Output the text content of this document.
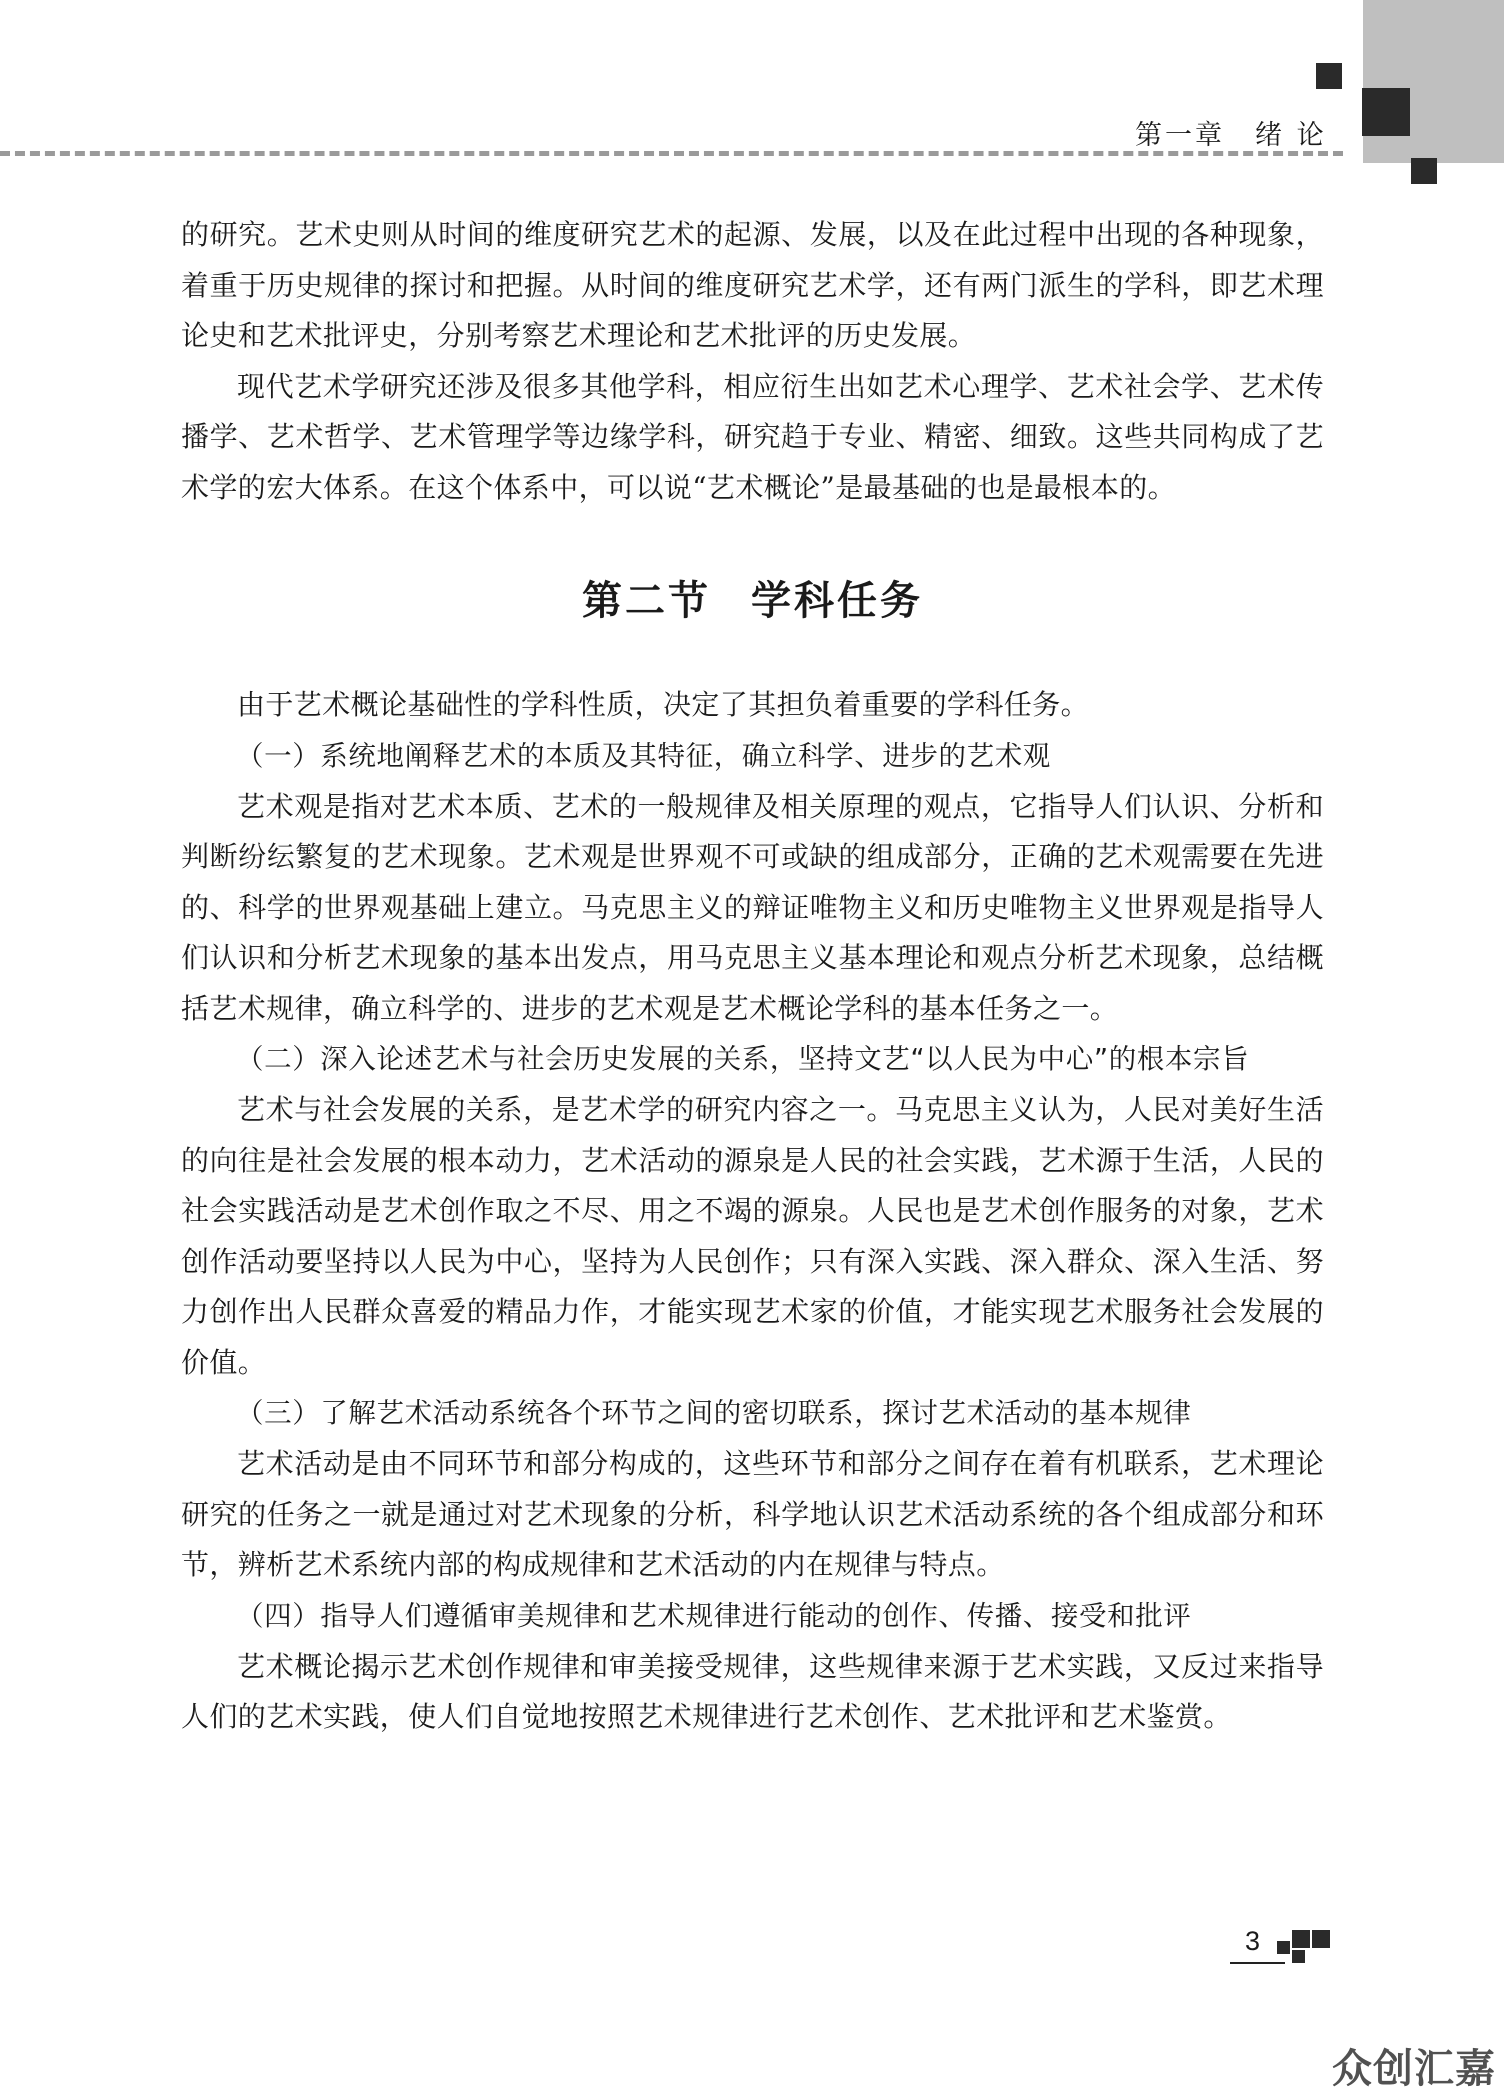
第一章 绪 论

的研究。艺术史则从时间的维度研究艺术的起源、发展，以及在此过程中出现的各种现象，着重于历史规律的探讨和把握。从时间的维度研究艺术学，还有两门派生的学科，即艺术理论史和艺术批评史，分别考察艺术理论和艺术批评的历史发展。

现代艺术学研究还涉及很多其他学科，相应衍生出如艺术心理学、艺术社会学、艺术传播学、艺术哲学、艺术管理学等边缘学科，研究趋于专业、精密、细致。这些共同构成了艺术学的宏大体系。在这个体系中，可以说“艺术概论”是最基础的也是最根本的。

第二节 学科任务

由于艺术概论基础性的学科性质，决定了其担负着重要的学科任务。

（一）系统地阐释艺术的本质及其特征，确立科学、进步的艺术观

艺术观是指对艺术本质、艺术的一般规律及相关原理的观点，它指导人们认识、分析和判断纷纭繁复的艺术现象。艺术观是世界观不可或缺的组成部分，正确的艺术观需要在先进的、科学的世界观基础上建立。马克思主义的辩证唯物主义和历史唯物主义世界观是指导人们认识和分析艺术现象的基本出发点，用马克思主义基本理论和观点分析艺术现象，总结概括艺术规律，确立科学的、进步的艺术观是艺术概论学科的基本任务之一。

（二）深入论述艺术与社会历史发展的关系，坚持文艺“以人民为中心”的根本宗旨

艺术与社会发展的关系，是艺术学的研究内容之一。马克思主义认为，人民对美好生活的向往是社会发展的根本动力，艺术活动的源泉是人民的社会实践，艺术源于生活，人民的社会实践活动是艺术创作取之不尽、用之不竭的源泉。人民也是艺术创作服务的对象，艺术创作活动要坚持以人民为中心，坚持为人民创作；只有深入实践、深入群众、深入生活、努力创作出人民群众喜爱的精品力作，才能实现艺术家的价值，才能实现艺术服务社会发展的价值。

（三）了解艺术活动系统各个环节之间的密切联系，探讨艺术活动的基本规律

艺术活动是由不同环节和部分构成的，这些环节和部分之间存在着有机联系，艺术理论研究的任务之一就是通过对艺术现象的分析，科学地认识艺术活动系统的各个组成部分和环节，辨析艺术系统内部的构成规律和艺术活动的内在规律与特点。

（四）指导人们遵循审美规律和艺术规律进行能动的创作、传播、接受和批评

艺术概论揭示艺术创作规律和审美接受规律，这些规律来源于艺术实践，又反过来指导人们的艺术实践，使人们自觉地按照艺术规律进行艺术创作、艺术批评和艺术鉴赏。

3
众创汇嘉
